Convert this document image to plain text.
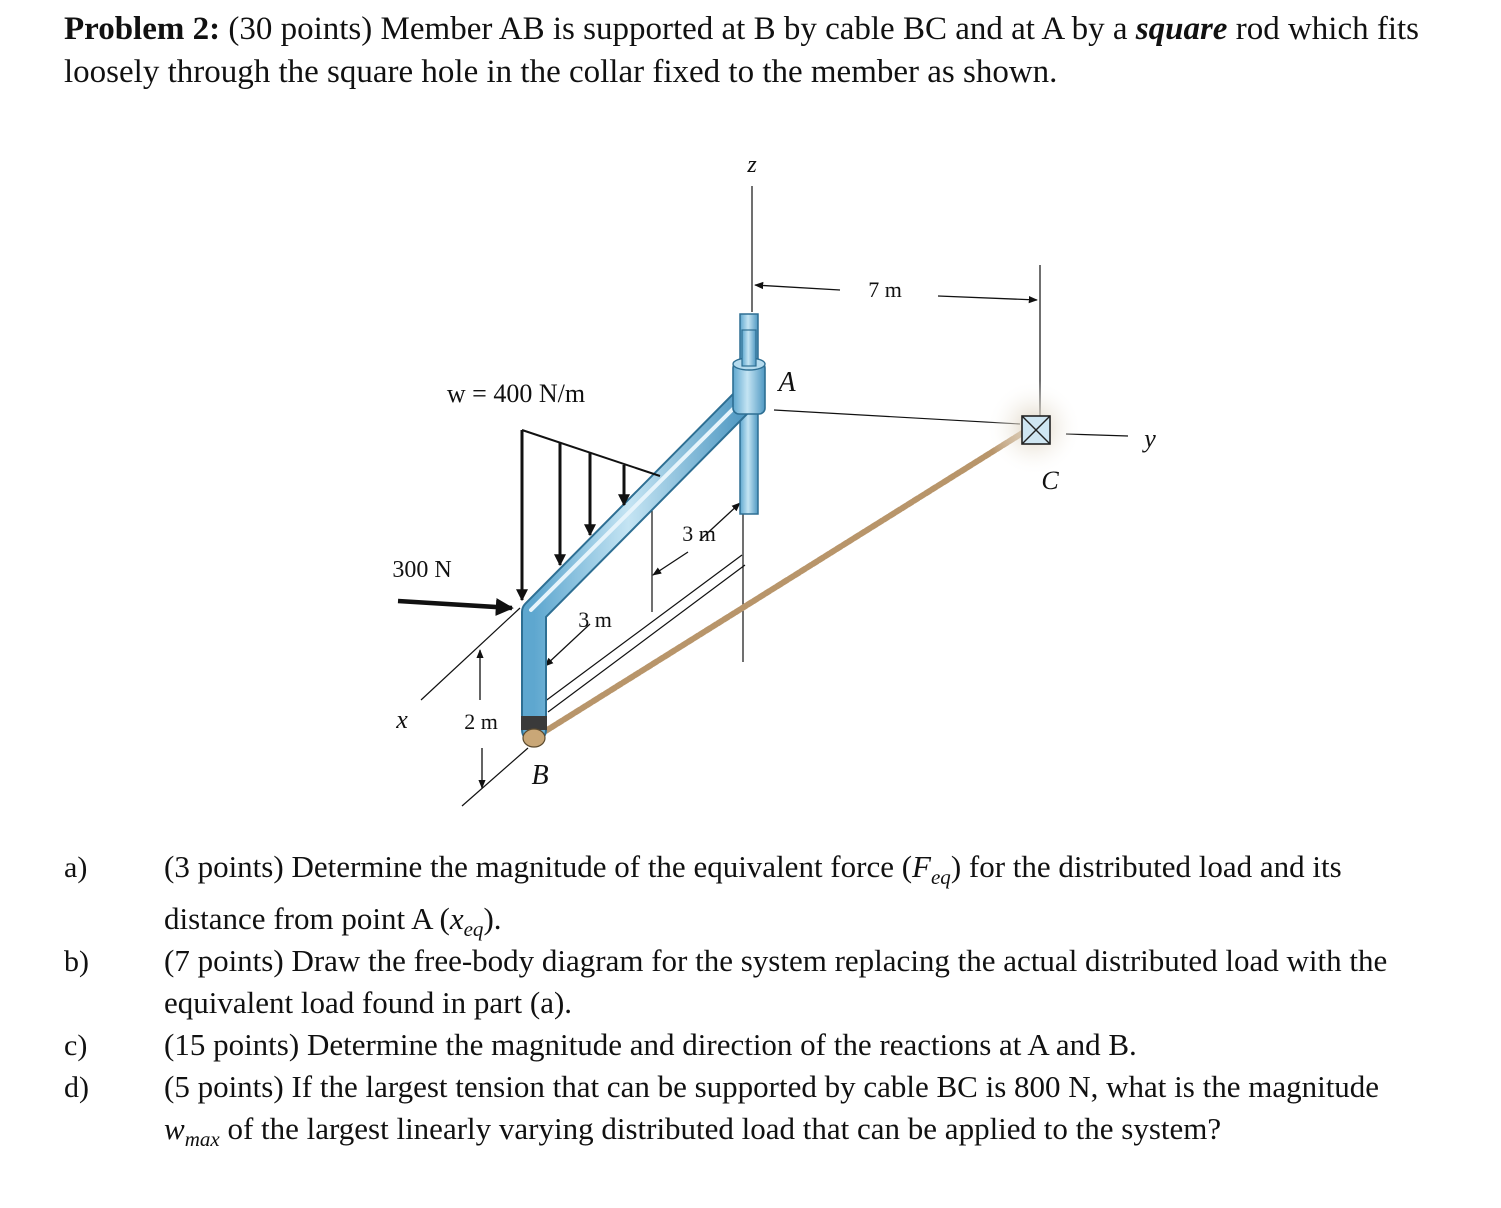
Problem 2: (30 points) Member AB is supported at B by cable BC and at A by a square rod which fits loosely through the square hole in the collar fixed to the member as shown.
z
7 m
A
w = 400 N/m
y
C
3 m
300 N
3 m
x	2 m
B
a) (3 points) Determine the magnitude of the equivalent force $(F_{eq})$ for the distributed load and its distance from point A $(x_{eq})$.
b) (7 points) Draw the free-body diagram for the system replacing the actual distributed load with the equivalent load found in part (a).
c) (15 points) Determine the magnitude and direction of the reactions at A and B.
d) (5 points) If the largest tension that can be supported by cable BC is 800 N, what is the magnitude $w_{max}$ of the largest linearly varying distributed load that can be applied to the system?
